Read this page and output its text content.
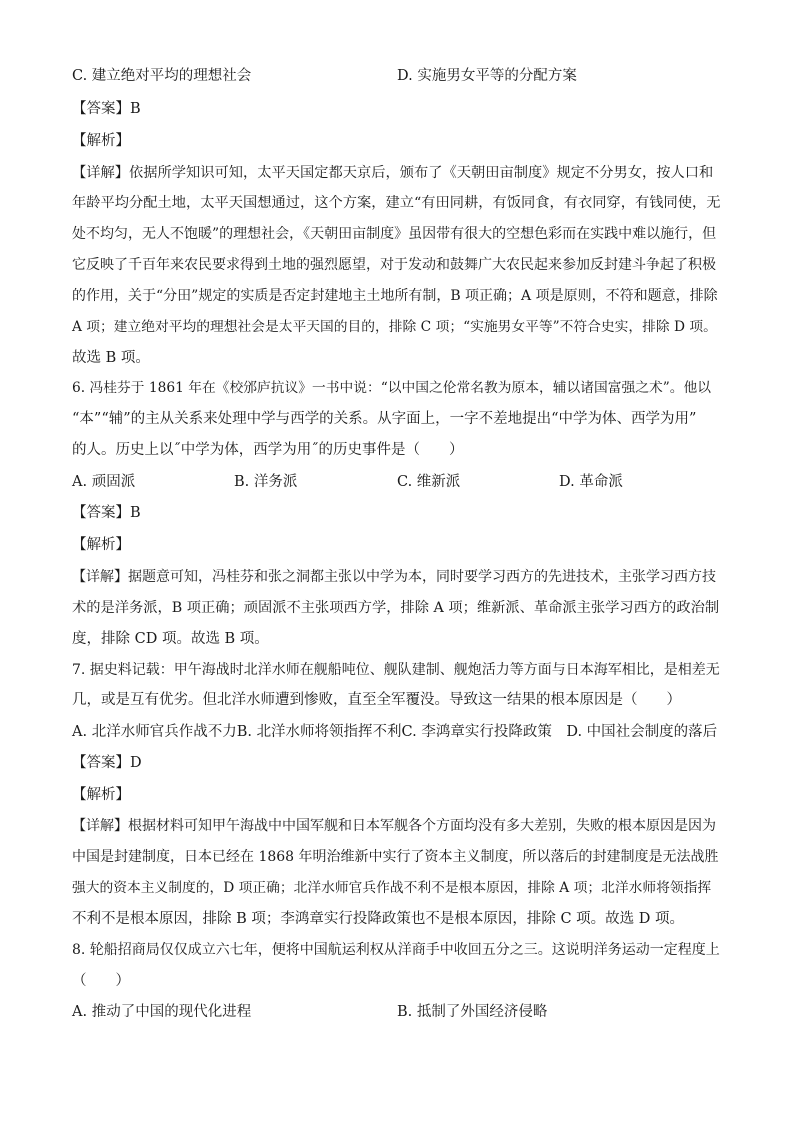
C. 建立绝对平均的理想社会	D. 实施男女平等的分配方案
【答案】B
【解析】
【详解】依据所学知识可知，太平天国定都天京后，颁布了《天朝田亩制度》规定不分男女，按人口和
年龄平均分配土地，太平天国想通过，这个方案，建立“有田同耕，有饭同食，有衣同穿，有钱同使，无
处不均匀，无人不饱暖”的理想社会，《天朝田亩制度》虽因带有很大的空想色彩而在实践中难以施行，但
它反映了千百年来农民要求得到土地的强烈愿望，对于发动和鼓舞广大农民起来参加反封建斗争起了积极
的作用，关于“分田”规定的实质是否定封建地主土地所有制，B 项正确；A 项是原则，不符和题意，排除
A 项；建立绝对平均的理想社会是太平天国的目的，排除 C 项；“实施男女平等”不符合史实，排除 D 项。
故选 B 项。
6. 冯桂芬于 1861 年在《校邠庐抗议》一书中说：“以中国之伦常名教为原本，辅以诸国富强之术”。他以
“本”“辅”的主从关系来处理中学与西学的关系。从字面上，一字不差地提出“中学为体、西学为用”
的人。历史上以˝中学为体，西学为用˝的历史事件是（　　）
A. 顽固派	B. 洋务派	C. 维新派	D. 革命派
【答案】B
【解析】
【详解】据题意可知，冯桂芬和张之洞都主张以中学为本，同时要学习西方的先进技术，主张学习西方技
术的是洋务派，B 项正确；顽固派不主张项西方学，排除 A 项；维新派、革命派主张学习西方的政治制
度，排除 CD 项。故选 B 项。
7. 据史料记载：甲午海战时北洋水师在舰船吨位、舰队建制、舰炮活力等方面与日本海军相比，是相差无
几，或是互有优劣。但北洋水师遭到惨败，直至全军覆没。导致这一结果的根本原因是（　　）
A. 北洋水师官兵作战不力B. 北洋水师将领指挥不利C. 李鸿章实行投降政策　D. 中国社会制度的落后
【答案】D
【解析】
【详解】根据材料可知甲午海战中中国军舰和日本军舰各个方面均没有多大差别，失败的根本原因是因为
中国是封建制度，日本已经在 1868 年明治维新中实行了资本主义制度，所以落后的封建制度是无法战胜
强大的资本主义制度的，D 项正确；北洋水师官兵作战不利不是根本原因，排除 A 项；北洋水师将领指挥
不利不是根本原因，排除 B 项；李鸿章实行投降政策也不是根本原因，排除 C 项。故选 D 项。
8. 轮船招商局仅仅成立六七年，便将中国航运利权从洋商手中收回五分之三。这说明洋务运动一定程度上
（　　）
A. 推动了中国的现代化进程	B. 抵制了外国经济侵略
